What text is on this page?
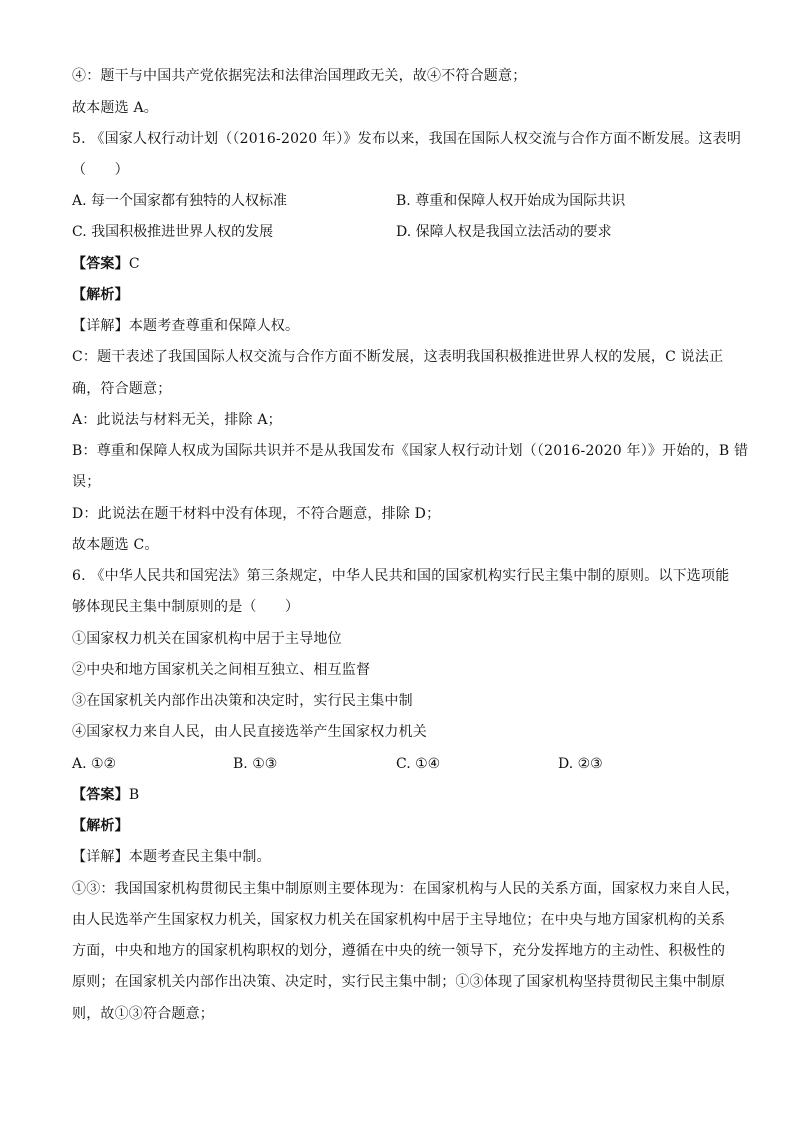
④：题干与中国共产党依据宪法和法律治国理政无关，故④不符合题意；
故本题选 A。
5. 《国家人权行动计划（（2016-2020 年）》发布以来，我国在国际人权交流与合作方面不断发展。这表明
（　　）
A. 每一个国家都有独特的人权标准	B. 尊重和保障人权开始成为国际共识
C. 我国积极推进世界人权的发展	D. 保障人权是我国立法活动的要求
【答案】C
【解析】
【详解】本题考查尊重和保障人权。
C：题干表述了我国国际人权交流与合作方面不断发展，这表明我国积极推进世界人权的发展，C 说法正
确，符合题意；
A：此说法与材料无关，排除 A；
B：尊重和保障人权成为国际共识并不是从我国发布《国家人权行动计划（（2016-2020 年）》开始的，B 错
误；
D：此说法在题干材料中没有体现，不符合题意，排除 D；
故本题选 C。
6. 《中华人民共和国宪法》第三条规定，中华人民共和国的国家机构实行民主集中制的原则。以下选项能
够体现民主集中制原则的是（　　）
①国家权力机关在国家机构中居于主导地位
②中央和地方国家机关之间相互独立、相互监督
③在国家机关内部作出决策和决定时，实行民主集中制
④国家权力来自人民，由人民直接选举产生国家权力机关
A. ①②	B. ①③	C. ①④	D. ②③
【答案】B
【解析】
【详解】本题考查民主集中制。
①③：我国国家机构贯彻民主集中制原则主要体现为：在国家机构与人民的关系方面，国家权力来自人民，
由人民选举产生国家权力机关，国家权力机关在国家机构中居于主导地位；在中央与地方国家机构的关系
方面，中央和地方的国家机构职权的划分，遵循在中央的统一领导下，充分发挥地方的主动性、积极性的
原则；在国家机关内部作出决策、决定时，实行民主集中制；①③体现了国家机构坚持贯彻民主集中制原
则，故①③符合题意；
